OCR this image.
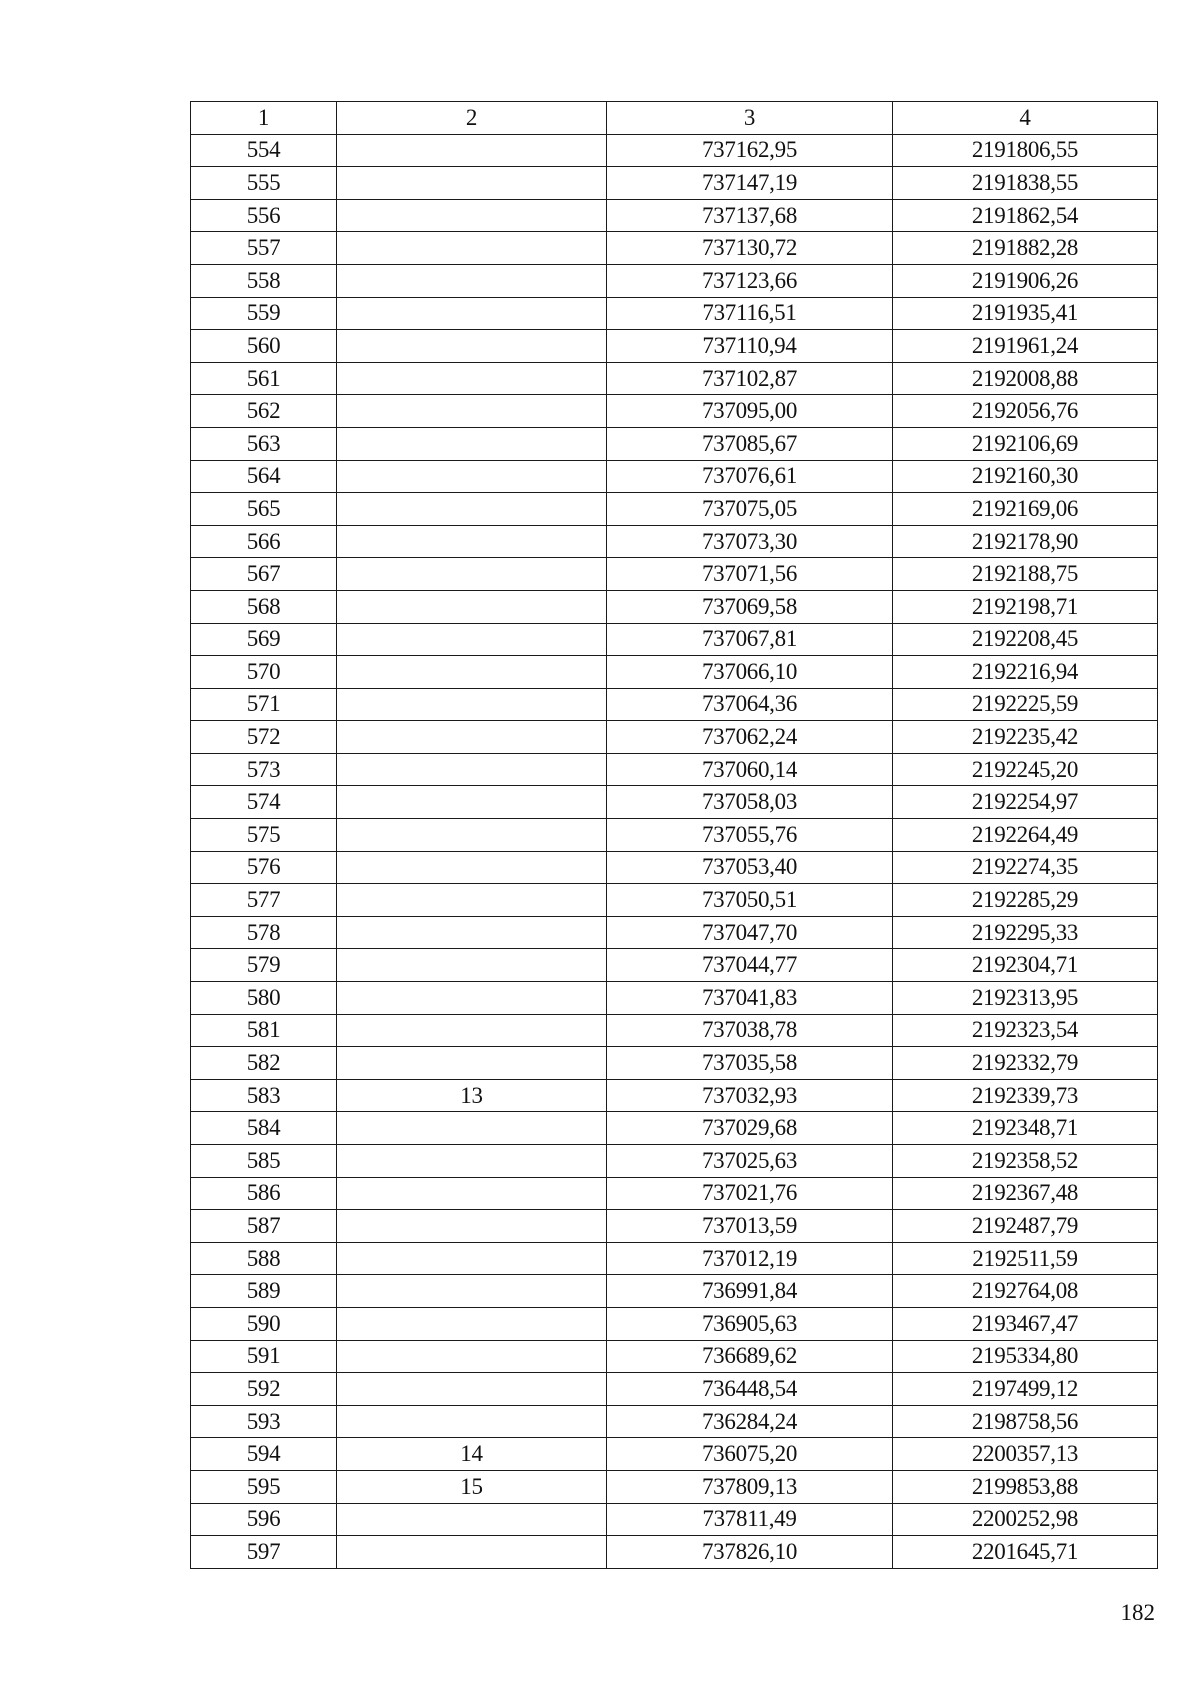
1	2	3	4
554		737162,95	2191806,55
555		737147,19	2191838,55
556		737137,68	2191862,54
557		737130,72	2191882,28
558		737123,66	2191906,26
559		737116,51	2191935,41
560		737110,94	2191961,24
561		737102,87	2192008,88
562		737095,00	2192056,76
563		737085,67	2192106,69
564		737076,61	2192160,30
565		737075,05	2192169,06
566		737073,30	2192178,90
567		737071,56	2192188,75
568		737069,58	2192198,71
569		737067,81	2192208,45
570		737066,10	2192216,94
571		737064,36	2192225,59
572		737062,24	2192235,42
573		737060,14	2192245,20
574		737058,03	2192254,97
575		737055,76	2192264,49
576		737053,40	2192274,35
577		737050,51	2192285,29
578		737047,70	2192295,33
579		737044,77	2192304,71
580		737041,83	2192313,95
581		737038,78	2192323,54
582		737035,58	2192332,79
583	13	737032,93	2192339,73
584		737029,68	2192348,71
585		737025,63	2192358,52
586		737021,76	2192367,48
587		737013,59	2192487,79
588		737012,19	2192511,59
589		736991,84	2192764,08
590		736905,63	2193467,47
591		736689,62	2195334,80
592		736448,54	2197499,12
593		736284,24	2198758,56
594	14	736075,20	2200357,13
595	15	737809,13	2199853,88
596		737811,49	2200252,98
597		737826,10	2201645,71
182
